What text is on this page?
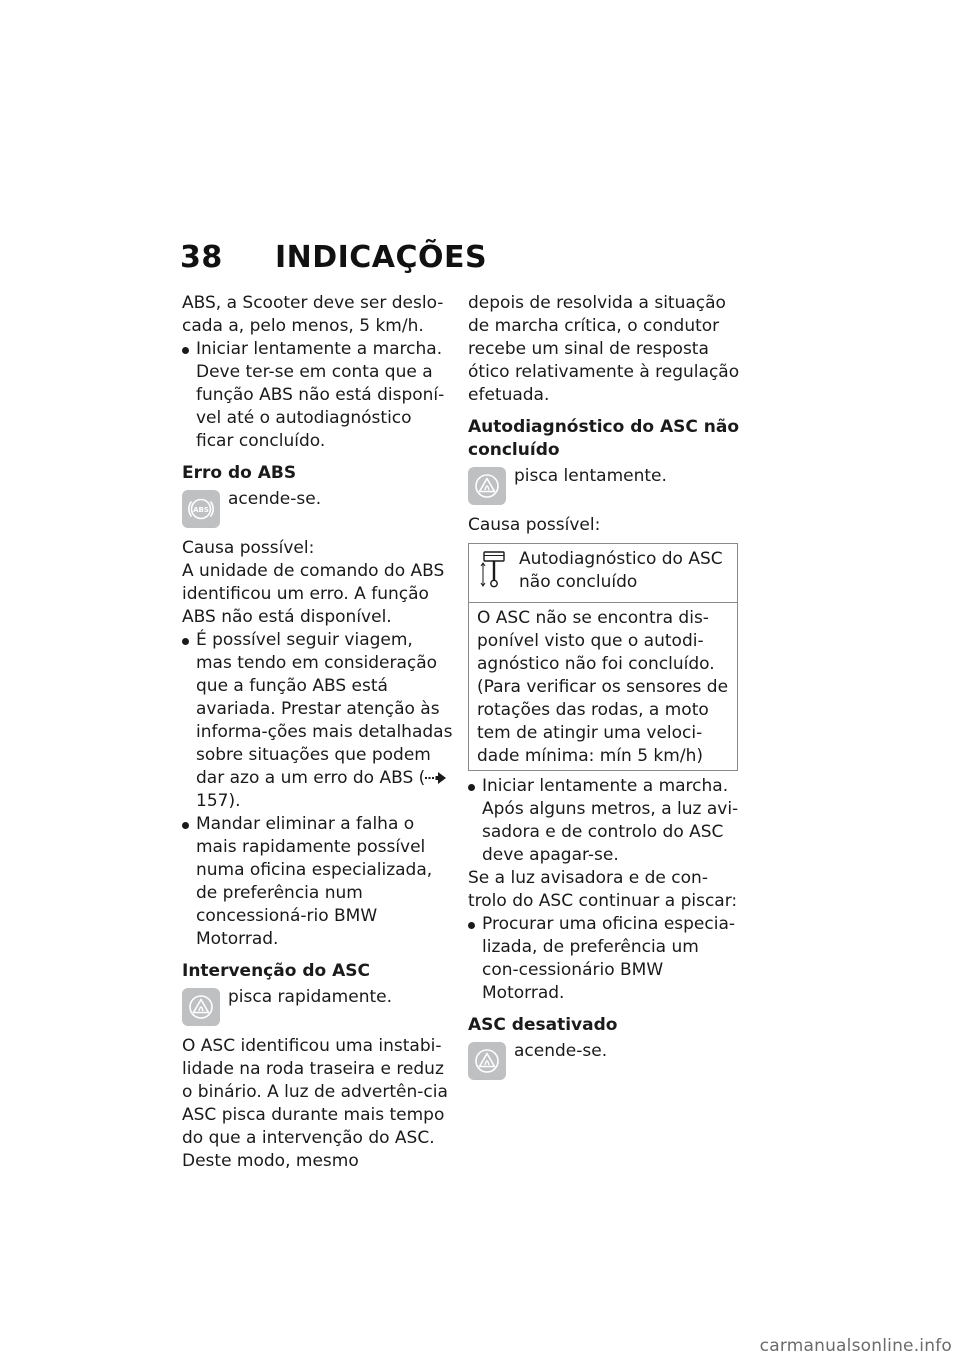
38 INDICAÇÕES

ABS, a Scooter deve ser deslo-cada a, pelo menos, 5 km/h.

Iniciar lentamente a marcha. Deve ter-se em conta que a função ABS não está disponí-vel até o autodiagnóstico ficar concluído.

Erro do ABS

ABS
acende-se.

Causa possível:

A unidade de comando do ABS identificou um erro. A função ABS não está disponível.

É possível seguir viagem, mas tendo em consideração que a função ABS está avariada. Prestar atenção às informa-ções mais detalhadas sobre situações que podem dar azo a um erro do ABS (157).

Mandar eliminar a falha o mais rapidamente possível numa oficina especializada, de preferência num concessioná-rio BMW Motorrad.

Intervenção do ASC

pisca rapidamente.

O ASC identificou uma instabi-lidade na roda traseira e reduz o binário. A luz de advertên-cia ASC pisca durante mais tempo do que a intervenção do ASC. Deste modo, mesmo

depois de resolvida a situação de marcha crítica, o condutor recebe um sinal de resposta ótico relativamente à regulação efetuada.

Autodiagnóstico do ASC não concluído

pisca lentamente.

Causa possível:

Autodiagnóstico do ASC não concluído

O ASC não se encontra dis-ponível visto que o autodi-agnóstico não foi concluído. (Para verificar os sensores de rotações das rodas, a moto tem de atingir uma veloci-dade mínima: mín 5 km/h)

Iniciar lentamente a marcha. Após alguns metros, a luz avi-sadora e de controlo do ASC deve apagar-se.

Se a luz avisadora e de con-trolo do ASC continuar a piscar:

Procurar uma oficina especia-lizada, de preferência um con-cessionário BMW Motorrad.

ASC desativado

acende-se.

carmanualsonline.info
